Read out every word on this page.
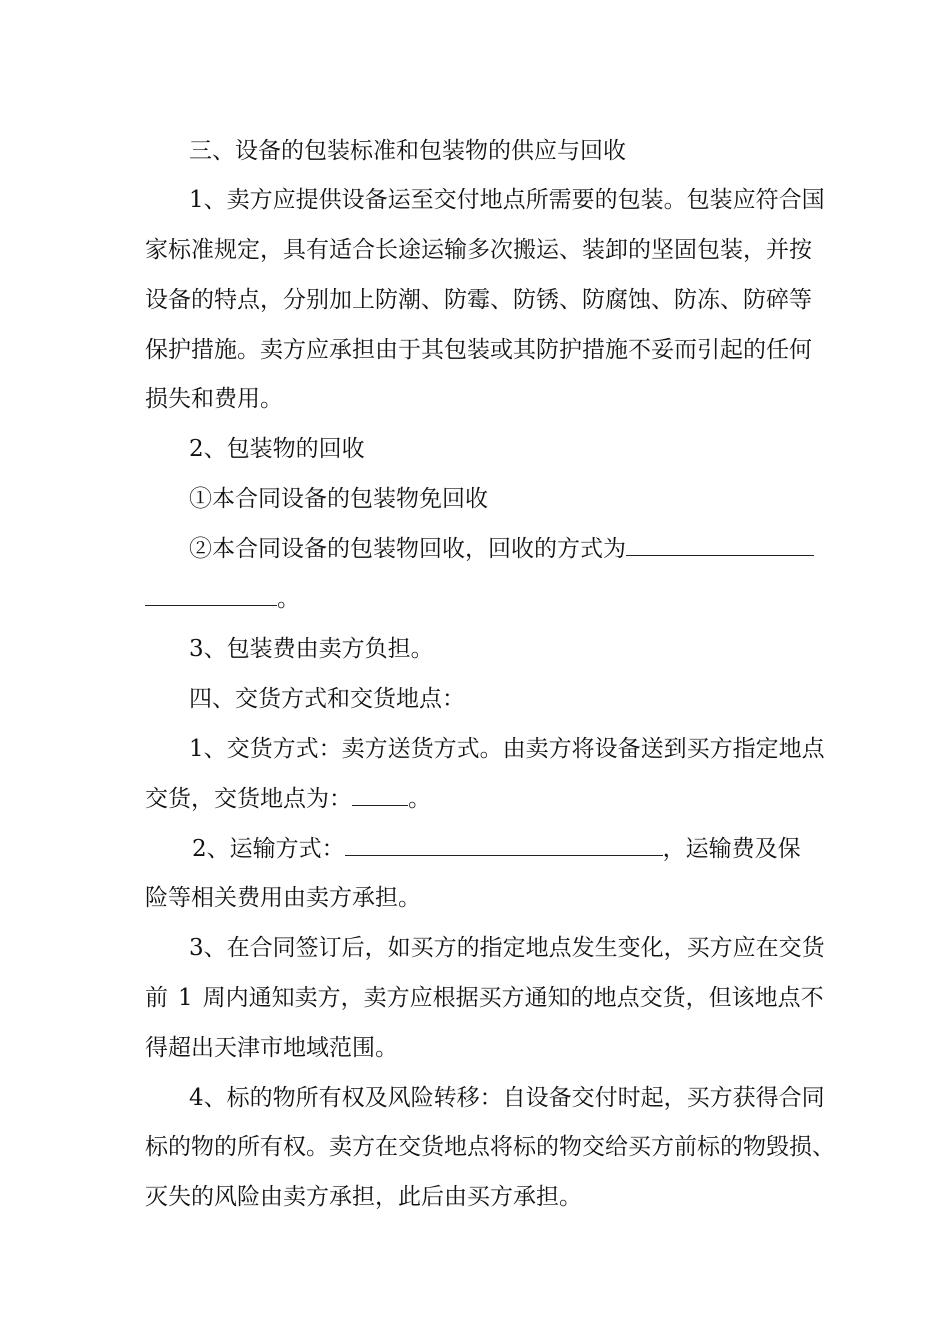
三、设备的包装标准和包装物的供应与回收
1、卖方应提供设备运至交付地点所需要的包装。包装应符合国
家标准规定，具有适合长途运输多次搬运、装卸的坚固包装，并按
设备的特点，分别加上防潮、防霉、防锈、防腐蚀、防冻、防碎等
保护措施。卖方应承担由于其包装或其防护措施不妥而引起的任何
损失和费用。
2、包装物的回收
①本合同设备的包装物免回收
②本合同设备的包装物回收，回收的方式为
。
3、包装费由卖方负担。
四、交货方式和交货地点：
1、交货方式：卖方送货方式。由卖方将设备送到买方指定地点
交货，交货地点为： 。
2、运输方式：	，运输费及保
险等相关费用由卖方承担。
3、在合同签订后，如买方的指定地点发生变化，买方应在交货
前 1 周内通知卖方，卖方应根据买方通知的地点交货，但该地点不
得超出天津市地域范围。
4、标的物所有权及风险转移：自设备交付时起，买方获得合同
标的物的所有权。卖方在交货地点将标的物交给买方前标的物毁损、
灭失的风险由卖方承担，此后由买方承担。
